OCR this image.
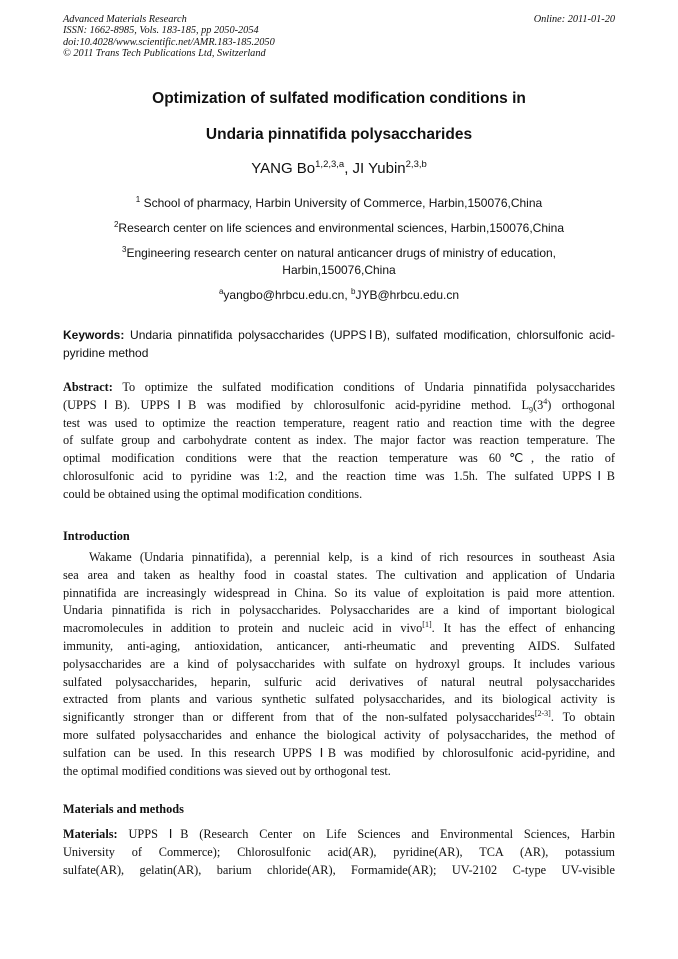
Advanced Materials Research
ISSN: 1662-8985, Vols. 183-185, pp 2050-2054
doi:10.4028/www.scientific.net/AMR.183-185.2050
© 2011 Trans Tech Publications Ltd, Switzerland
Online: 2011-01-20
Optimization of sulfated modification conditions in
Undaria pinnatifida polysaccharides
YANG Bo$^{1,2,3,a}$, JI Yubin$^{2,3,b}$
$^1$ School of pharmacy, Harbin University of Commerce, Harbin,150076,China
$^2$Research center on life sciences and environmental sciences, Harbin,150076,China
$^3$Engineering research center on natural anticancer drugs of ministry of education,
Harbin,150076,China
$^a$yangbo@hrbcu.edu.cn, $^b$JYB@hrbcu.edu.cn
Keywords: Undaria pinnatifida polysaccharides (UPPSⅠB), sulfated modification, chlorsulfonic acid-pyridine method
Abstract: To optimize the sulfated modification conditions of Undaria pinnatifida polysaccharides
(UPPSⅠB). UPPSⅠB was modified by chlorosulfonic acid-pyridine method. $L_9(3^4)$ orthogonal
test was used to optimize the reaction temperature, reagent ratio and reaction time with the degree
of sulfate group and carbohydrate content as index. The major factor was reaction temperature. The
optimal modification conditions were that the reaction temperature was 60℃, the ratio of
chlorosulfonic acid to pyridine was 1:2, and the reaction time was 1.5h. The sulfated UPPSⅠB
could be obtained using the optimal modification conditions.
Introduction
Wakame (Undaria pinnatifida), a perennial kelp, is a kind of rich resources in southeast Asia
sea area and taken as healthy food in coastal states. The cultivation and application of Undaria
pinnatifida are increasingly widespread in China. So its value of exploitation is paid more attention.
Undaria pinnatifida is rich in polysaccharides. Polysaccharides are a kind of important biological
macromolecules in addition to protein and nucleic acid in vivo[1]. It has the effect of enhancing
immunity, anti-aging, antioxidation, anticancer, anti-rheumatic and preventing AIDS. Sulfated
polysaccharides are a kind of polysaccharides with sulfate on hydroxyl groups. It includes various
sulfated polysaccharides, heparin, sulfuric acid derivatives of natural neutral polysaccharides
extracted from plants and various synthetic sulfated polysaccharides, and its biological activity is
significantly stronger than or different from that of the non-sulfated polysaccharides[2-3]. To obtain
more sulfated polysaccharides and enhance the biological activity of polysaccharides, the method of
sulfation can be used. In this research UPPS ⅠB was modified by chlorosulfonic acid-pyridine, and
the optimal modified conditions was sieved out by orthogonal test.
Materials and methods
Materials: UPPS ⅠB (Research Center on Life Sciences and Environmental Sciences, Harbin
University of Commerce); Chlorosulfonic acid(AR), pyridine(AR), TCA (AR), potassium
sulfate(AR), gelatin(AR), barium chloride(AR), Formamide(AR); UV-2102 C-type UV-visible
